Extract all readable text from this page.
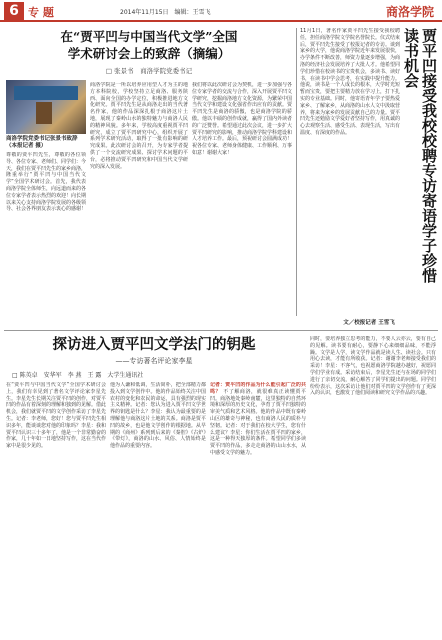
6 专 题	2014年11月15日　编辑：王雪飞	商洛学院
在“贾平凹与中国当代文学”全国
学术研讨会上的致辞（摘编）
□ 张景书　商洛学院党委书记
商洛学院党委书记张景书致辞（本报记者 摄）
尊敬的贾平凹先生，尊敬的各位领导、各位专家、老师们、同学们：今天，我们在贾平凹先生的家乡商洛，隆重举行“贾平凹与中国当代文学”全国学术研讨会。首先，我代表商洛学院全体师生，向远道而来的各位专家学者表示热烈的欢迎！向长期以来关心支持商洛学院发展的各级领导、社会各界朋友表示衷心的感谢！
商洛学院是一所以培养应用型人才为主的地方本科院校，学校坚持立足商洛、服务陕西、面向全国的办学定位，积极推进地方文化研究。贾平凹先生是从商洛走出的当代著名作家，他的作品深深扎根于商洛这片土地，展现了秦岭山水的独特魅力与商洛人民的精神风貌。多年来，学校高度重视贾平凹研究，成立了贾平凹研究中心，组织开展了系列学术研究活动，取得了一批有影响的研究成果。此次研讨会的召开，为专家学者提供了一个交流研究成果、探讨学术问题的平台，必将推动贾平凹研究和中国当代文学研究的深入发展。
我们将以此次研讨会为契机，进一步加强与各位专家学者的交流与合作，深入开展贾平凹文学研究，挖掘商洛地方文化资源，为繁荣中国当代文学和建设文化强省作出应有的贡献。贾平凹先生是商洛的骄傲，也是商洛学院的骄傲。他以丰硕的创作成就，赢得了国内外读者的广泛赞誉。希望通过此次会议，进一步扩大贾平凹研究的影响，推动商洛学院学科建设和人才培养工作。最后，预祝研讨会圆满成功！祝各位专家、老师身体健康、工作顺利、万事如意！谢谢大家！	贾平凹接受我校校聘专访寄语学子珍惜读书机会
11月1日，著名作家贾平凹先生接受我校聘任，担任商洛学院文学院名誉院长。仪式结束后，贾平凹先生接受了校报记者的专访。谈到家乡的大学，他说商洛学院近年来发展很快，办学条件不断改善，师资力量逐步增强，为商洛的经济社会发展培养了大批人才。他希望同学们珍惜在校读书的宝贵机会，多读书、读好书，在读书中学会思考，在实践中提升能力。他说，读书是一个人成长的根本，大学时光短暂而宝贵，要把主要精力放在学习上，打下扎实的专业基础。同时，他寄语青年学子要热爱家乡、了解家乡，从商洛的山水人文中汲取营养，将来为家乡的发展贡献自己的力量。贾平凹先生还勉励文学爱好者坚持写作，用真诚的心去观察生活、感受生活、表现生活，写出有温度、有深度的作品。
文／校报记者 王雪飞
探访进入贾平凹文学法门的钥匙
——专访著名评论家李星
□ 陈英卓　安华军　李 燕　王 露　大学生通讯社
在“贾平凹与中国当代文学”全国学术研讨会上，我们有幸见到了著名文学评论家李星先生。李星先生长期关注贾平凹的创作，对贾平凹的作品有着深刻的理解和独到的见解。借此机会，我们就贾平凹的文学创作采访了李星先生。记者：李老师，您好！您与贾平凹先生相识多年，能谈谈您对他的印象吗？李星：我和贾平凹认识三十多年了，他是一个非常勤奋的作家，几十年如一日地坚持写作，这在当代作家中是很少见的。
他为人谦和低调，生活简朴，把全部精力都投入到文学创作中。他的作品始终关注中国农村的变化和农民的命运，具有强烈的现实主义精神。记者：您认为进入贾平凹文学世界的钥匙是什么？李星：我认为最重要的是理解他与商洛这片土地的关系。商洛是贾平凹的故乡，也是他文学创作的根据地。从早期的《商州》系列到后来的《秦腔》《古炉》《带灯》，商洛的山水、风俗、人情始终是他作品的重要内容。
记者：贾平凹的作品为什么能引起广泛的共鸣？ 不了解商洛，就很难真正读懂贾平凹。商洛地处秦岭南麓，这里独特的自然环境和深厚的历史文化，孕育了贾平凹独特的审美气质和艺术风格。他的作品中既有秦岭山区的雄奇与神秘，也有商洛人民的质朴与坚韧。记者：对于我们在校大学生，您有什么建议？李星：你们生活在贾平凹的家乡，这是一种得天独厚的条件。希望同学们多读贾平凹的作品，多走走商洛的山山水水，从中感受文学的魅力。
同时，要培养独立思考的能力，不要人云亦云，要有自己的见解。读书要有耐心，要静下心来细细品味，不能浮躁。文学是人学，读文学作品就是读人生、读社会。只有用心去读，才能有所收获。记者：谢谢李老师接受我们的采访！李星：不客气，也祝愿商洛学院越办越好，祝愿同学们学业有成。采访结束后，李星先生还与在场的同学们进行了亲切交流，耐心解答了同学们提出的问题。同学们纷纷表示，这次采访让他们对贾平凹的文学创作有了更深入的认识，也激发了他们阅读和研究文学作品的兴趣。
